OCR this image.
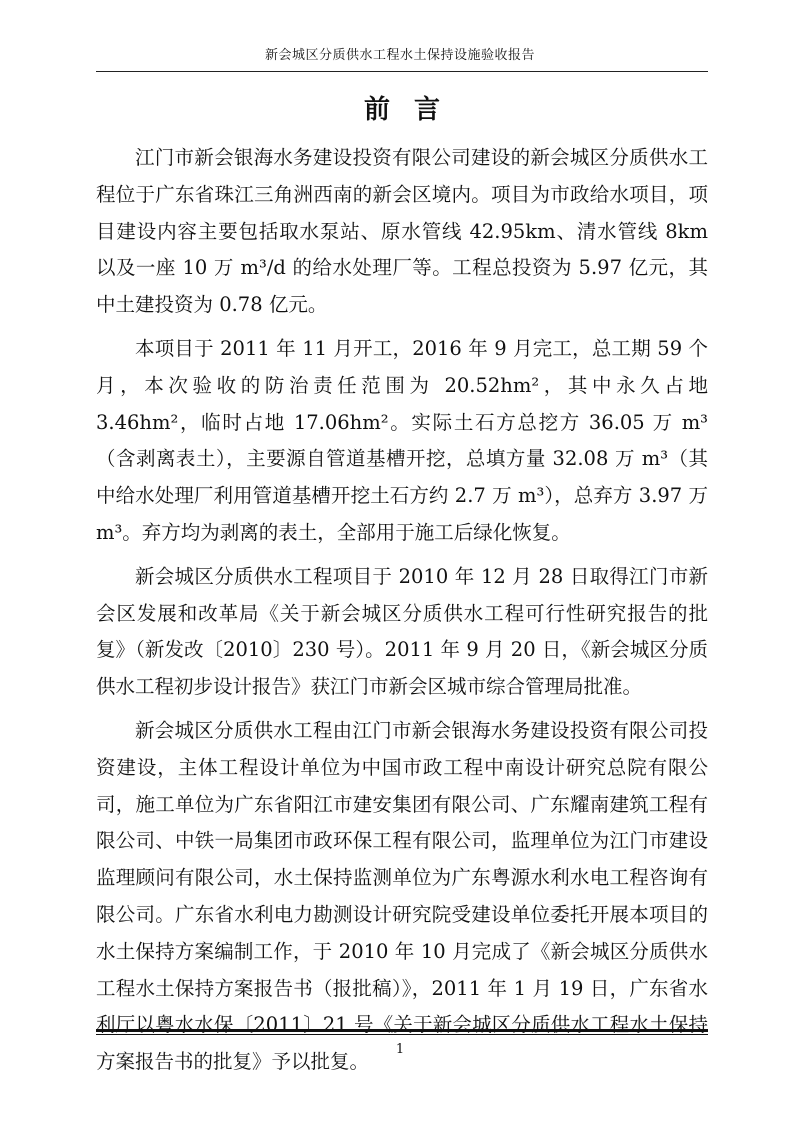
新会城区分质供水工程水土保持设施验收报告
前言

江门市新会银海水务建设投资有限公司建设的新会城区分质供水工程位于广东省珠江三角洲西南的新会区境内。项目为市政给水项目，项目建设内容主要包括取水泵站、原水管线 42.95km、清水管线 8km 以及一座 10 万 m³/d 的给水处理厂等。工程总投资为 5.97 亿元，其中土建投资为 0.78 亿元。

本项目于 2011 年 11 月开工，2016 年 9 月完工，总工期 59 个月，本次验收的防治责任范围为 20.52hm²，其中永久占地 3.46hm²，临时占地 17.06hm²。实际土石方总挖方 36.05 万 m³（含剥离表土），主要源自管道基槽开挖，总填方量 32.08 万 m³（其中给水处理厂利用管道基槽开挖土石方约 2.7 万 m³），总弃方 3.97 万 m³。弃方均为剥离的表土，全部用于施工后绿化恢复。

新会城区分质供水工程项目于 2010 年 12 月 28 日取得江门市新会区发展和改革局《关于新会城区分质供水工程可行性研究报告的批复》（新发改〔2010〕230 号）。2011 年 9 月 20 日，《新会城区分质供水工程初步设计报告》获江门市新会区城市综合管理局批准。

新会城区分质供水工程由江门市新会银海水务建设投资有限公司投资建设，主体工程设计单位为中国市政工程中南设计研究总院有限公司，施工单位为广东省阳江市建安集团有限公司、广东耀南建筑工程有限公司、中铁一局集团市政环保工程有限公司，监理单位为江门市建设监理顾问有限公司，水土保持监测单位为广东粤源水利水电工程咨询有限公司。广东省水利电力勘测设计研究院受建设单位委托开展本项目的水土保持方案编制工作，于 2010 年 10 月完成了《新会城区分质供水工程水土保持方案报告书（报批稿）》，2011 年 1 月 19 日，广东省水利厅以粤水水保〔2011〕21 号《关于新会城区分质供水工程水土保持方案报告书的批复》予以批复。

1
